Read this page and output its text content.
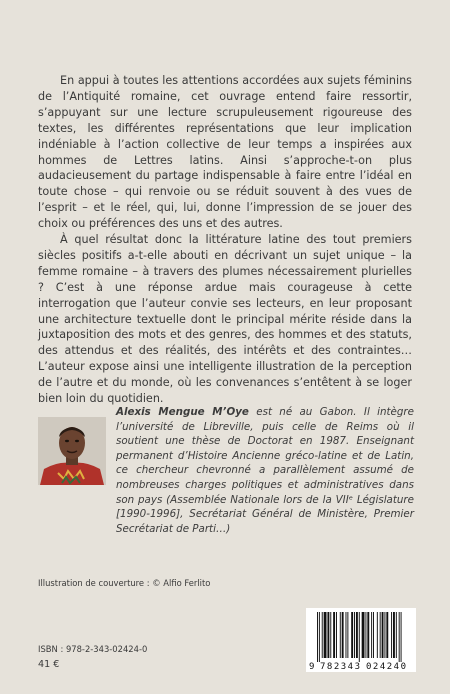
En appui à toutes les attentions accordées aux sujets féminins de l’Antiquité romaine, cet ouvrage entend faire ressortir, s’appuyant sur une lecture scrupuleusement rigoureuse des textes, les différentes représentations que leur implication indéniable à l’action collective de leur temps a inspirées aux hommes de Lettres latins. Ainsi s’approche-t-on plus audacieusement du partage indispensable à faire entre l’idéal en toute chose – qui renvoie ou se réduit souvent à des vues de l’esprit – et le réel, qui, lui, donne l’impression de se jouer des choix ou préférences des uns et des autres.

À quel résultat donc la littérature latine des tout premiers siècles positifs a-t-elle abouti en décrivant un sujet unique – la femme romaine – à travers des plumes nécessairement plurielles ? C’est à une réponse ardue mais courageuse à cette interrogation que l’auteur convie ses lecteurs, en leur proposant une architecture textuelle dont le principal mérite réside dans la juxtaposition des mots et des genres, des hommes et des statuts, des attendus et des réalités, des intérêts et des contraintes… L’auteur expose ainsi une intelligente illustration de la perception de l’autre et du monde, où les convenances s’entêtent à se loger bien loin du quotidien.

Alexis Mengue M’Oye est né au Gabon. Il intègre l’université de Libreville, puis celle de Reims où il soutient une thèse de Doctorat en 1987. Enseignant permanent d’Histoire Ancienne gréco-latine et de Latin, ce chercheur chevronné a parallèlement assumé de nombreuses charges politiques et administratives dans son pays (Assemblée Nationale lors de la VIIᵉ Législature [1990-1996], Secrétariat Général de Ministère, Premier Secrétariat de Parti…)

Illustration de couverture : © Alfio Ferlito
ISBN : 978-2-343-02424-0
41 €	9 782343 024240
